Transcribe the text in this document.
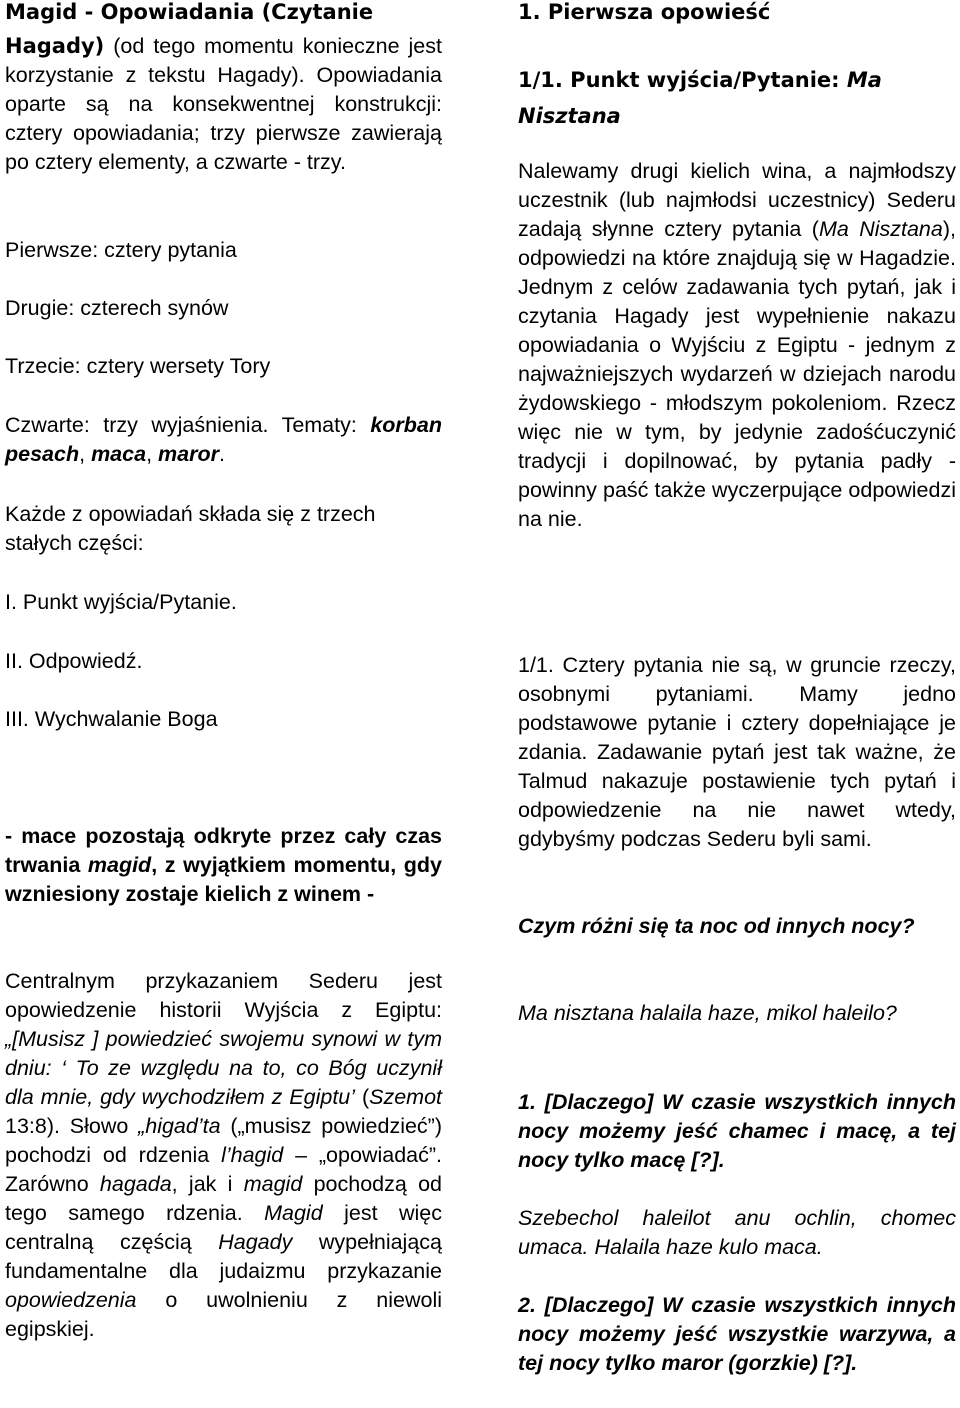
Magid - Opowiadania (Czytanie

Hagady) (od tego momentu konieczne jest korzystanie z tekstu Hagady). Opowiadania oparte są na konsekwentnej konstrukcji: cztery opowiadania; trzy pierwsze zawierają po cztery elementy, a czwarte - trzy.

Pierwsze: cztery pytania

Drugie: czterech synów

Trzecie: cztery wersety Tory

Czwarte: trzy wyjaśnienia. Tematy: korban pesach, maca, maror.

Każde z opowiadań składa się z trzech stałych części:

I. Punkt wyjścia/Pytanie.

II. Odpowiedź.

III. Wychwalanie Boga

- mace pozostają odkryte przez cały czas trwania magid, z wyjątkiem momentu, gdy wzniesiony zostaje kielich z winem -

Centralnym przykazaniem Sederu jest opowiedzenie historii Wyjścia z Egiptu: „[Musisz ] powiedzieć swojemu synowi w tym dniu: ‘ To ze względu na to, co Bóg uczynił dla mnie, gdy wychodziłem z Egiptu’ (Szemot 13:8). Słowo „higad’ta („musisz powiedzieć”) pochodzi od rdzenia l’hagid – „opowiadać”. Zarówno hagada, jak i magid pochodzą od tego samego rdzenia. Magid jest więc centralną częścią Hagady wypełniającą fundamentalne dla judaizmu przykazanie opowiedzenia o uwolnieniu z niewoli egipskiej.

1. Pierwsza opowieść

1/1. Punkt wyjścia/Pytanie: Ma Nisztana

Nalewamy drugi kielich wina, a najmłodszy uczestnik (lub najmłodsi uczestnicy) Sederu zadają słynne cztery pytania (Ma Nisztana), odpowiedzi na które znajdują się w Hagadzie. Jednym z celów zadawania tych pytań, jak i czytania Hagady jest wypełnienie nakazu opowiadania o Wyjściu z Egiptu - jednym z najważniejszych wydarzeń w dziejach narodu żydowskiego - młodszym pokoleniom. Rzecz więc nie w tym, by jedynie zadośćuczynić tradycji i dopilnować, by pytania padły - powinny paść także wyczerpujące odpowiedzi na nie.

1/1. Cztery pytania nie są, w gruncie rzeczy, osobnymi pytaniami. Mamy jedno podstawowe pytanie i cztery dopełniające je zdania. Zadawanie pytań jest tak ważne, że Talmud nakazuje postawienie tych pytań i odpowiedzenie na nie nawet wtedy, gdybyśmy podczas Sederu byli sami.

Czym różni się ta noc od innych nocy?

Ma nisztana halaila haze, mikol haleilo?

1. [Dlaczego] W czasie wszystkich innych nocy możemy jeść chamec i macę, a tej nocy tylko macę [?].

Szebechol haleilot anu ochlin, chomec umaca. Halaila haze kulo maca.

2. [Dlaczego] W czasie wszystkich innych nocy możemy jeść wszystkie warzywa, a tej nocy tylko maror (gorzkie) [?].
